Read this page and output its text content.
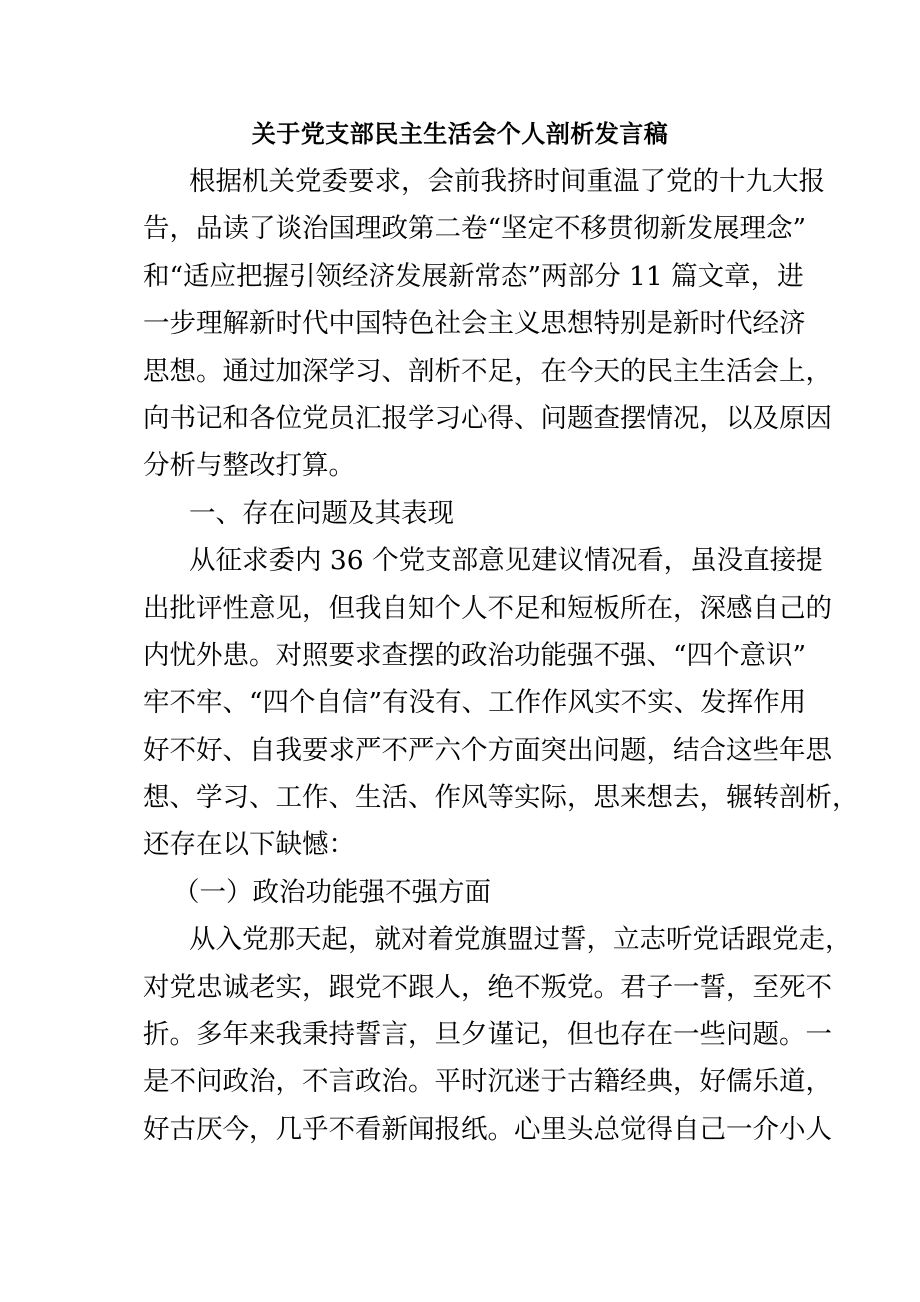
关于党支部民主生活会个人剖析发言稿
根据机关党委要求，会前我挤时间重温了党的十九大报
告，品读了谈治国理政第二卷“坚定不移贯彻新发展理念”
和“适应把握引领经济发展新常态”两部分 11 篇文章，进
一步理解新时代中国特色社会主义思想特别是新时代经济
思想。通过加深学习、剖析不足，在今天的民主生活会上，
向书记和各位党员汇报学习心得、问题查摆情况，以及原因
分析与整改打算。
一、存在问题及其表现
从征求委内 36 个党支部意见建议情况看，虽没直接提
出批评性意见，但我自知个人不足和短板所在，深感自己的
内忧外患。对照要求查摆的政治功能强不强、“四个意识”
牢不牢、“四个自信”有没有、工作作风实不实、发挥作用
好不好、自我要求严不严六个方面突出问题，结合这些年思
想、学习、工作、生活、作风等实际，思来想去，辗转剖析，
还存在以下缺憾：
（一）政治功能强不强方面
从入党那天起，就对着党旗盟过誓，立志听党话跟党走，
对党忠诚老实，跟党不跟人，绝不叛党。君子一誓，至死不
折。多年来我秉持誓言，旦夕谨记，但也存在一些问题。一
是不问政治，不言政治。平时沉迷于古籍经典，好儒乐道，
好古厌今，几乎不看新闻报纸。心里头总觉得自己一介小人
